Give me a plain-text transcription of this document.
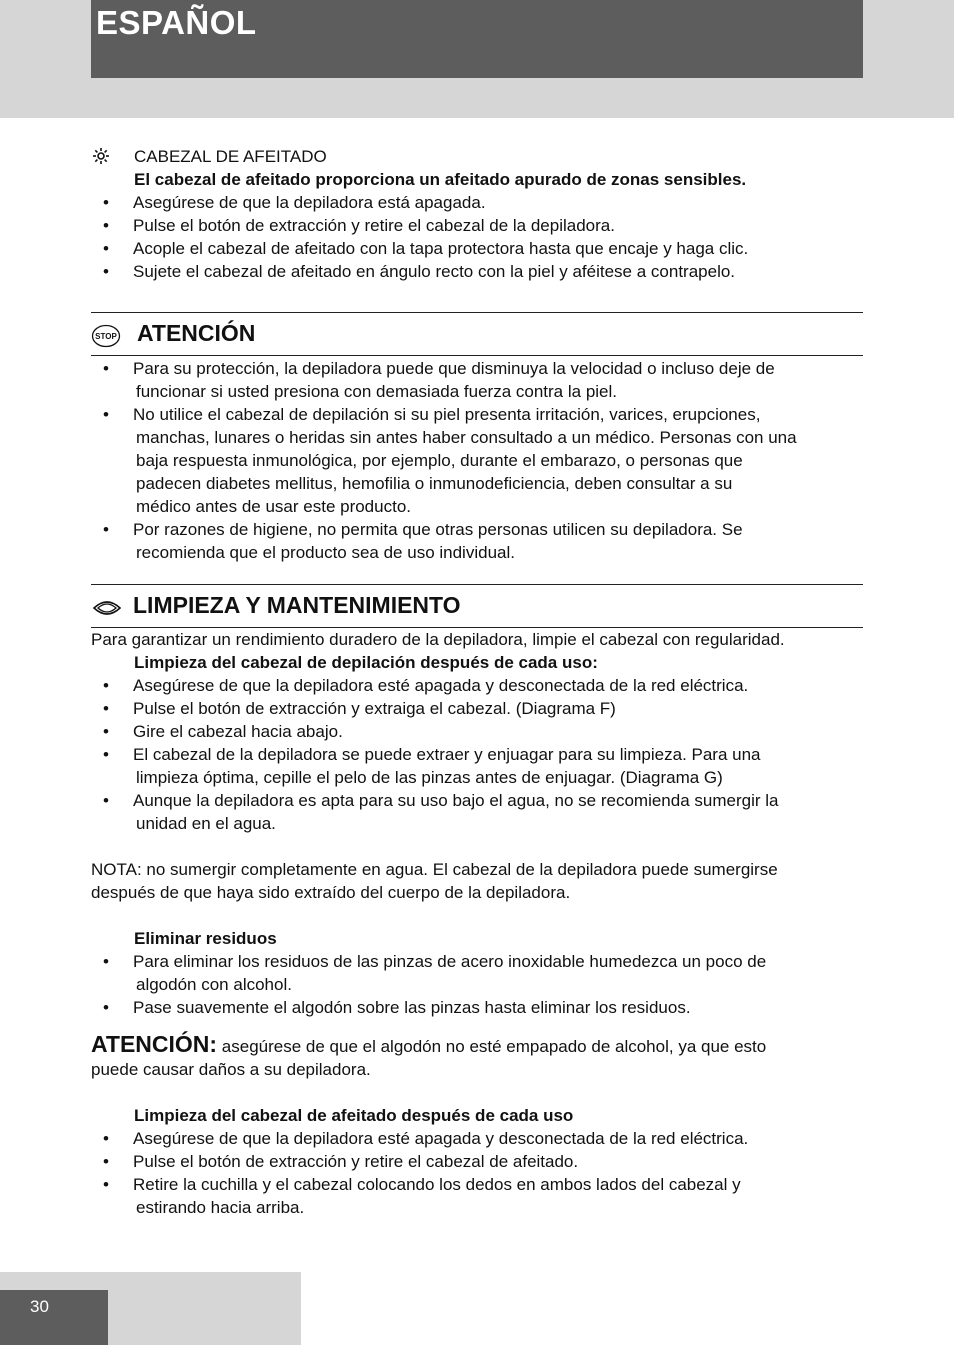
ESPAÑOL
CABEZAL DE AFEITADO
El cabezal de afeitado proporciona un afeitado apurado de zonas sensibles.
• Asegúrese de que la depiladora está apagada.
• Pulse el botón de extracción y retire el cabezal de la depiladora.
• Acople el cabezal de afeitado con la tapa protectora hasta que encaje y haga clic.
• Sujete el cabezal de afeitado en ángulo recto con la piel y aféitese a contrapelo.
STOP ATENCIÓN
• Para su protección, la depiladora puede que disminuya la velocidad o incluso deje de
funcionar si usted presiona con demasiada fuerza contra la piel.
• No utilice el cabezal de depilación si su piel presenta irritación, varices, erupciones,
manchas, lunares o heridas sin antes haber consultado a un médico. Personas con una
baja respuesta inmunológica, por ejemplo, durante el embarazo, o personas que
padecen diabetes mellitus, hemofilia o inmunodeficiencia, deben consultar a su
médico antes de usar este producto.
• Por razones de higiene, no permita que otras personas utilicen su depiladora. Se
recomienda que el producto sea de uso individual.
LIMPIEZA Y MANTENIMIENTO
Para garantizar un rendimiento duradero de la depiladora, limpie el cabezal con regularidad.
Limpieza del cabezal de depilación después de cada uso:
• Asegúrese de que la depiladora esté apagada y desconectada de la red eléctrica.
• Pulse el botón de extracción y extraiga el cabezal. (Diagrama F)
• Gire el cabezal hacia abajo.
• El cabezal de la depiladora se puede extraer y enjuagar para su limpieza. Para una
limpieza óptima, cepille el pelo de las pinzas antes de enjuagar. (Diagrama G)
• Aunque la depiladora es apta para su uso bajo el agua, no se recomienda sumergir la
unidad en el agua.
NOTA: no sumergir completamente en agua. El cabezal de la depiladora puede sumergirse
después de que haya sido extraído del cuerpo de la depiladora.
Eliminar residuos
• Para eliminar los residuos de las pinzas de acero inoxidable humedezca un poco de
algodón con alcohol.
• Pase suavemente el algodón sobre las pinzas hasta eliminar los residuos.
ATENCIÓN: asegúrese de que el algodón no esté empapado de alcohol, ya que esto
puede causar daños a su depiladora.
Limpieza del cabezal de afeitado después de cada uso
• Asegúrese de que la depiladora esté apagada y desconectada de la red eléctrica.
• Pulse el botón de extracción y retire el cabezal de afeitado.
• Retire la cuchilla y el cabezal colocando los dedos en ambos lados del cabezal y
estirando hacia arriba.
30
